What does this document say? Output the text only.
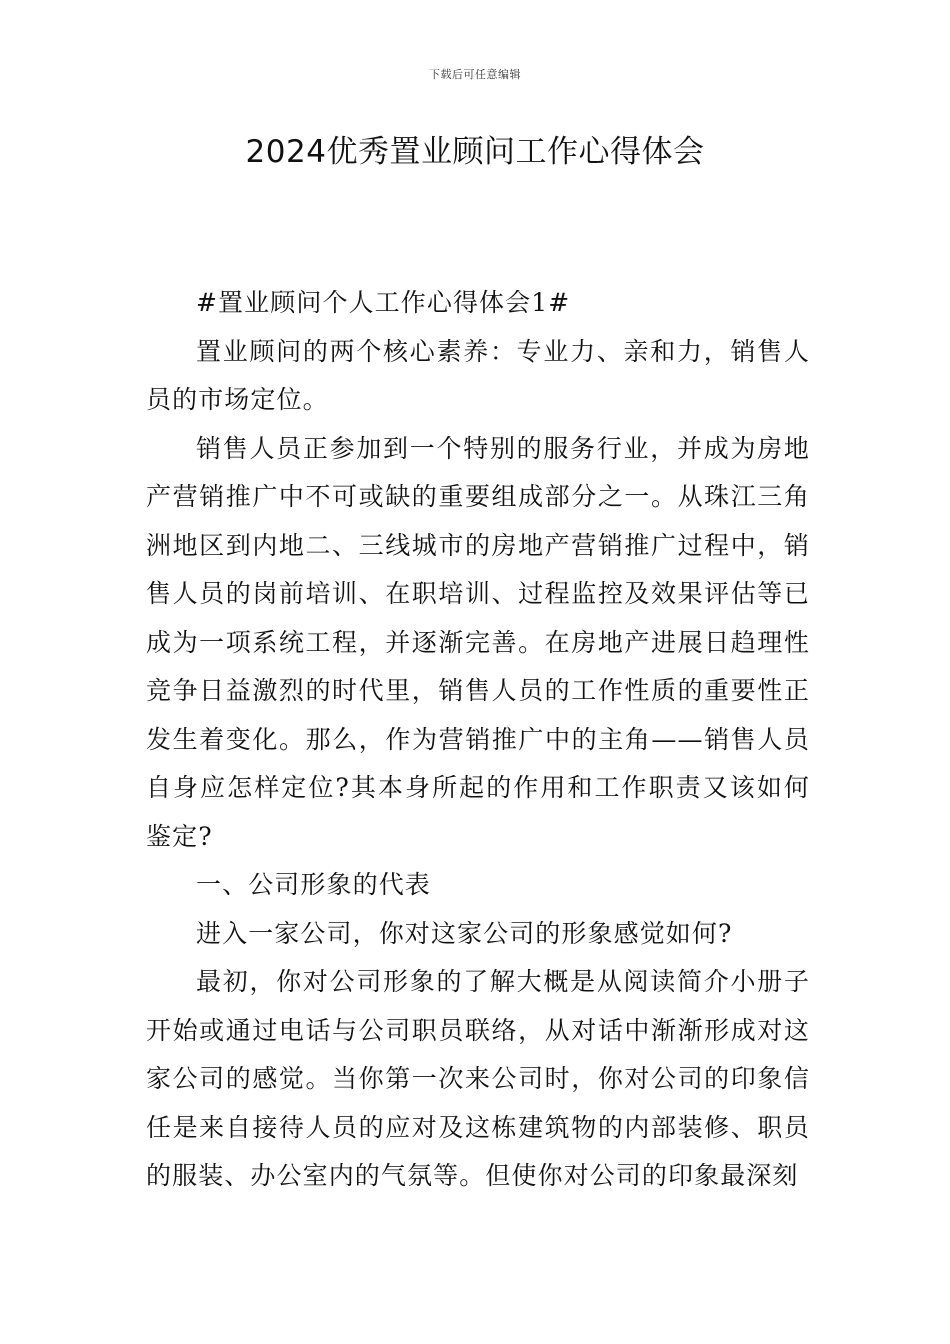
下载后可任意编辑
2024优秀置业顾问工作心得体会

#置业顾问个人工作心得体会1#

置业顾问的两个核心素养：专业力、亲和力，销售人员的市场定位。

销售人员正参加到一个特别的服务行业，并成为房地产营销推广中不可或缺的重要组成部分之一。从珠江三角洲地区到内地二、三线城市的房地产营销推广过程中，销售人员的岗前培训、在职培训、过程监控及效果评估等已成为一项系统工程，并逐渐完善。在房地产进展日趋理性竞争日益激烈的时代里，销售人员的工作性质的重要性正发生着变化。那么，作为营销推广中的主角——销售人员自身应怎样定位?其本身所起的作用和工作职责又该如何鉴定?

一、公司形象的代表

进入一家公司，你对这家公司的形象感觉如何?

最初，你对公司形象的了解大概是从阅读简介小册子开始或通过电话与公司职员联络，从对话中渐渐形成对这家公司的感觉。当你第一次来公司时，你对公司的印象信任是来自接待人员的应对及这栋建筑物的内部装修、职员的服装、办公室内的气氛等。但使你对公司的印象最深刻
